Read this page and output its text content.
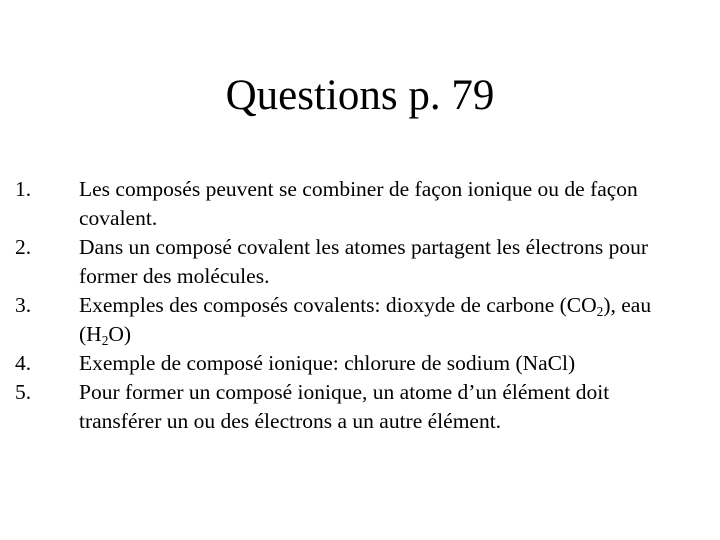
Questions p. 79
1. Les composés peuvent se combiner de façon ionique ou de façon covalent.
2. Dans un composé covalent les atomes partagent les électrons pour former des molécules.
3. Exemples des composés covalents: dioxyde de carbone $(CO_2)$, eau $(H_2O)$
4. Exemple de composé ionique: chlorure de sodium (NaCl)
5. Pour former un composé ionique, un atome d’un élément doit transférer un ou des électrons a un autre élément.
